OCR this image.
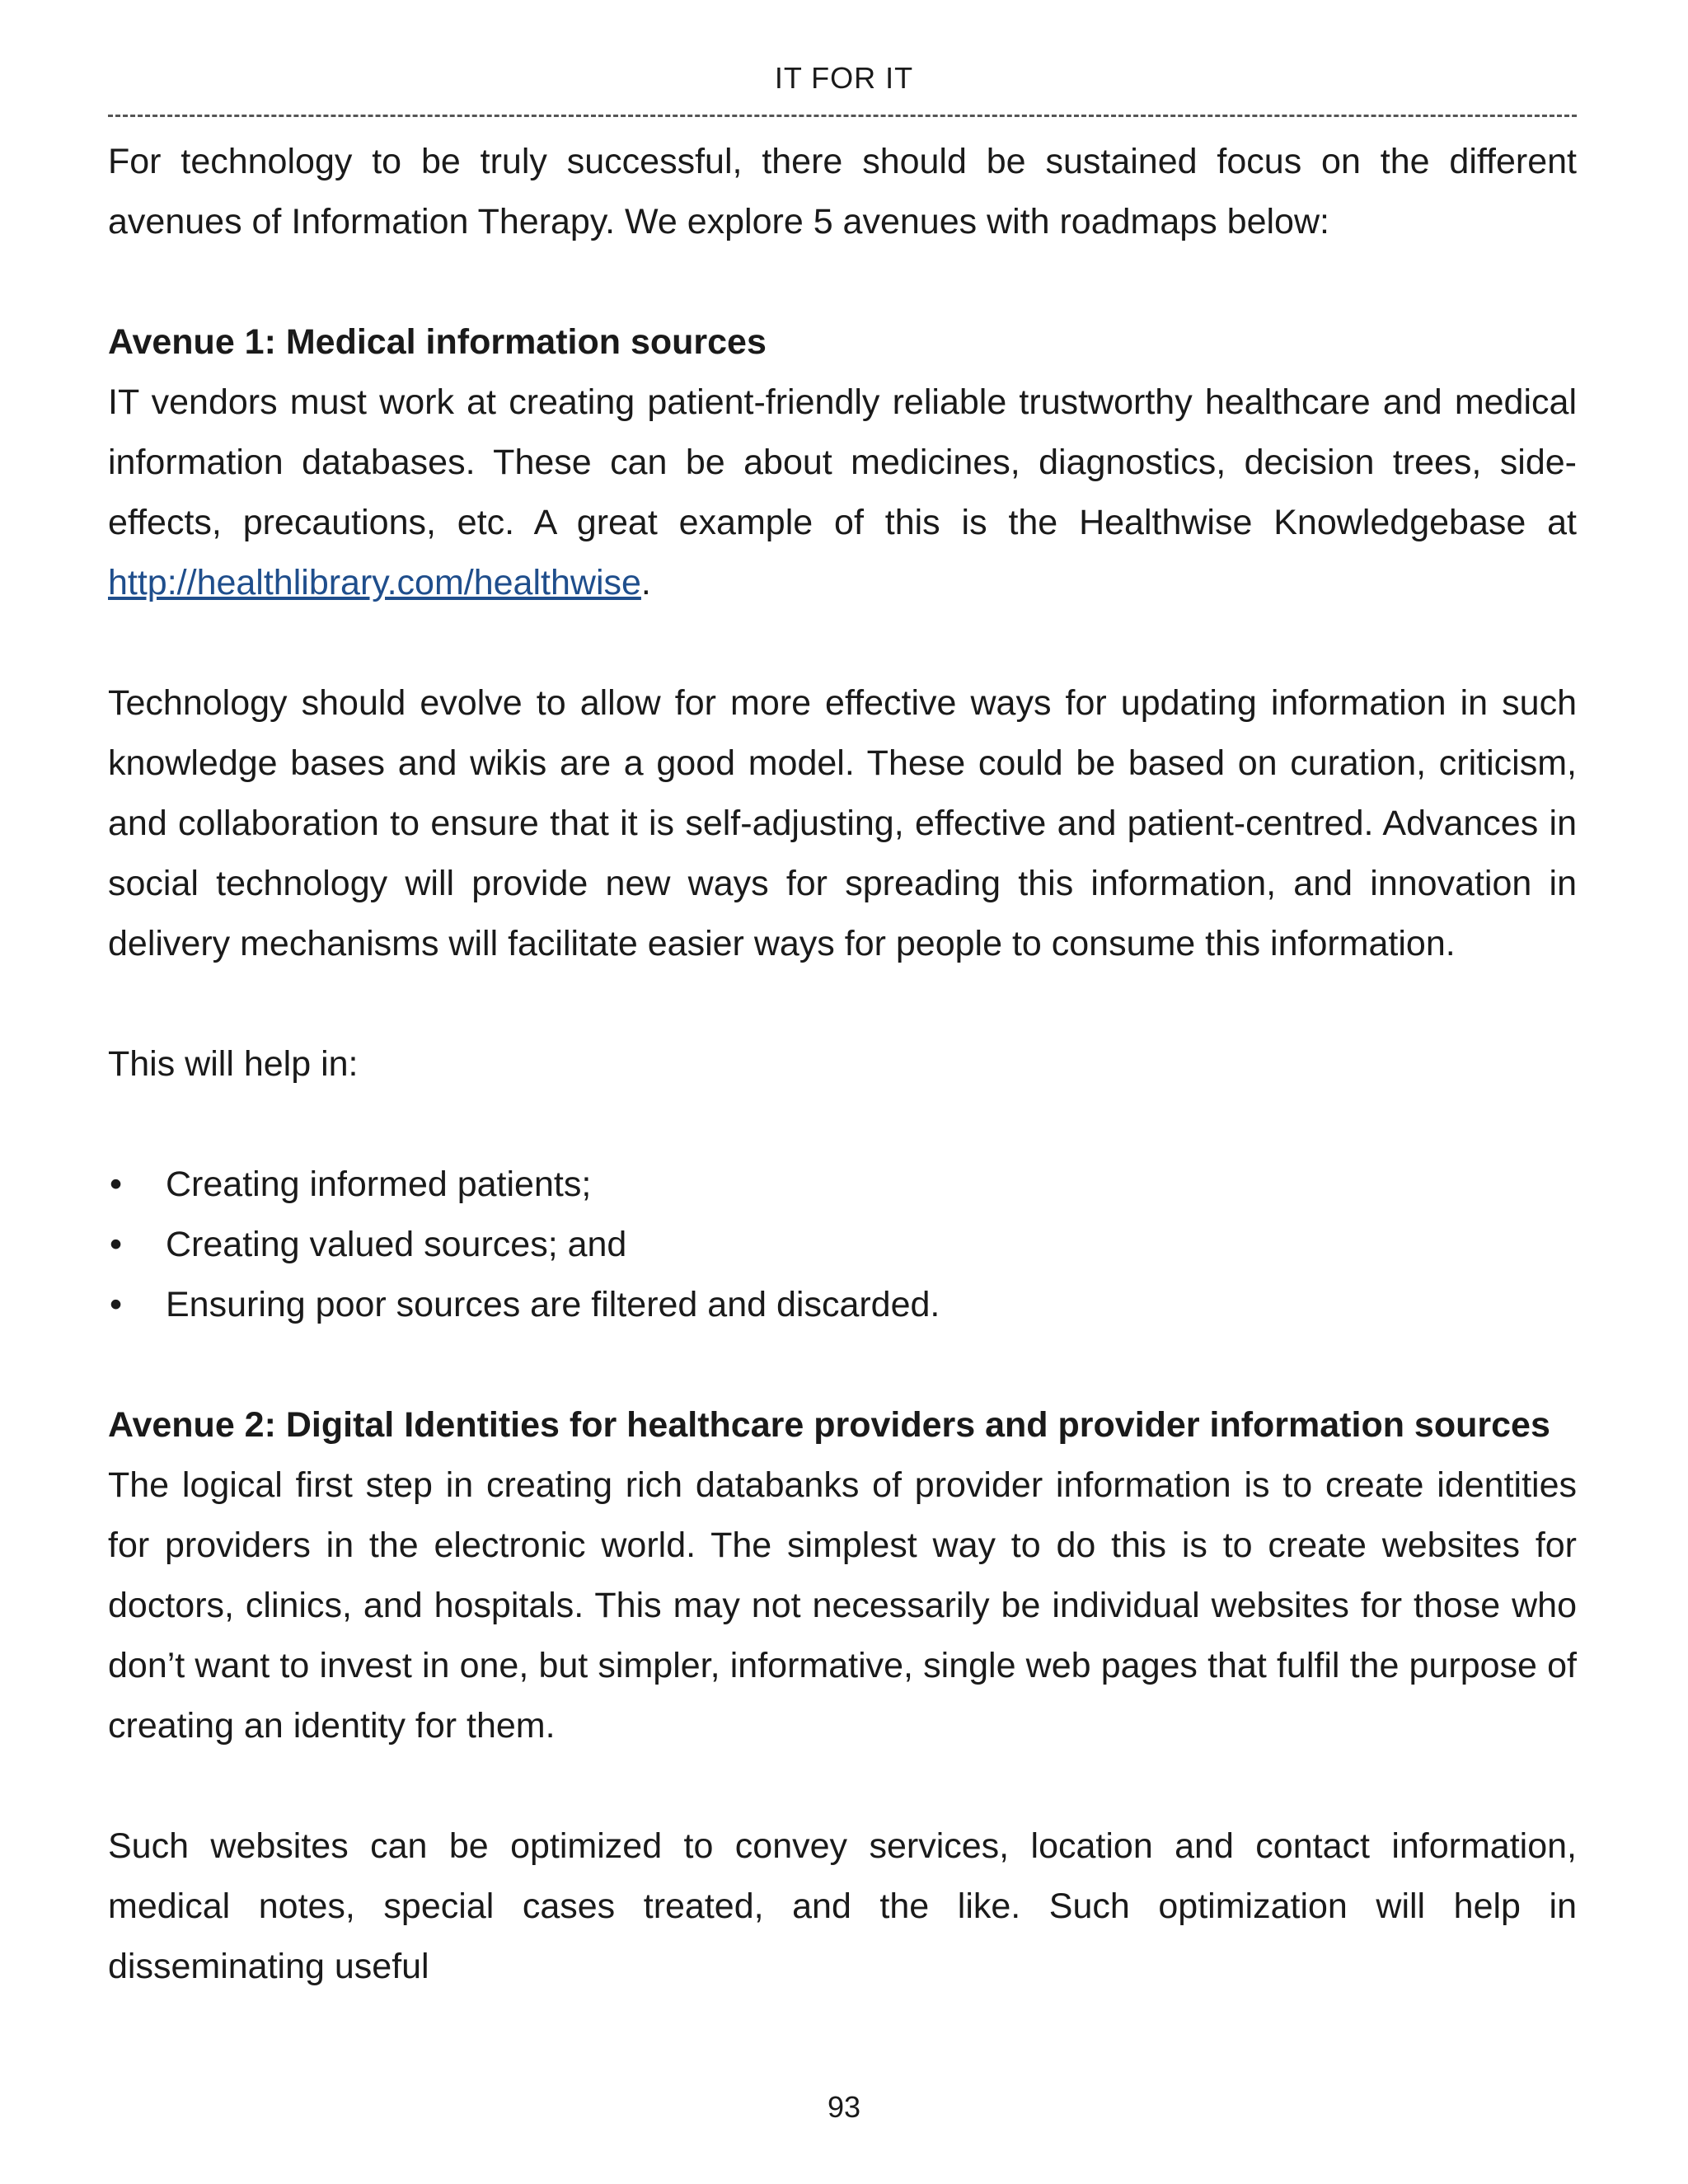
IT FOR IT

For technology to be truly successful, there should be sustained focus on the different avenues of Information Therapy. We explore 5 avenues with roadmaps below:

Avenue 1: Medical information sources

IT vendors must work at creating patient-friendly reliable trustworthy healthcare and medical information databases. These can be about medicines, diagnostics, decision trees, side-effects, precautions, etc. A great example of this is the Healthwise Knowledgebase at http://healthlibrary.com/healthwise.

Technology should evolve to allow for more effective ways for updating information in such knowledge bases and wikis are a good model. These could be based on curation, criticism, and collaboration to ensure that it is self-adjusting, effective and patient-centred. Advances in social technology will provide new ways for spreading this information, and innovation in delivery mechanisms will facilitate easier ways for people to consume this information.

This will help in:

• Creating informed patients;
• Creating valued sources; and
• Ensuring poor sources are filtered and discarded.

Avenue 2: Digital Identities for healthcare providers and provider information sources

The logical first step in creating rich databanks of provider information is to create identities for providers in the electronic world. The simplest way to do this is to create websites for doctors, clinics, and hospitals. This may not necessarily be individual websites for those who don’t want to invest in one, but simpler, informative, single web pages that fulfil the purpose of creating an identity for them.

Such websites can be optimized to convey services, location and contact information, medical notes, special cases treated, and the like. Such optimization will help in disseminating useful

93
